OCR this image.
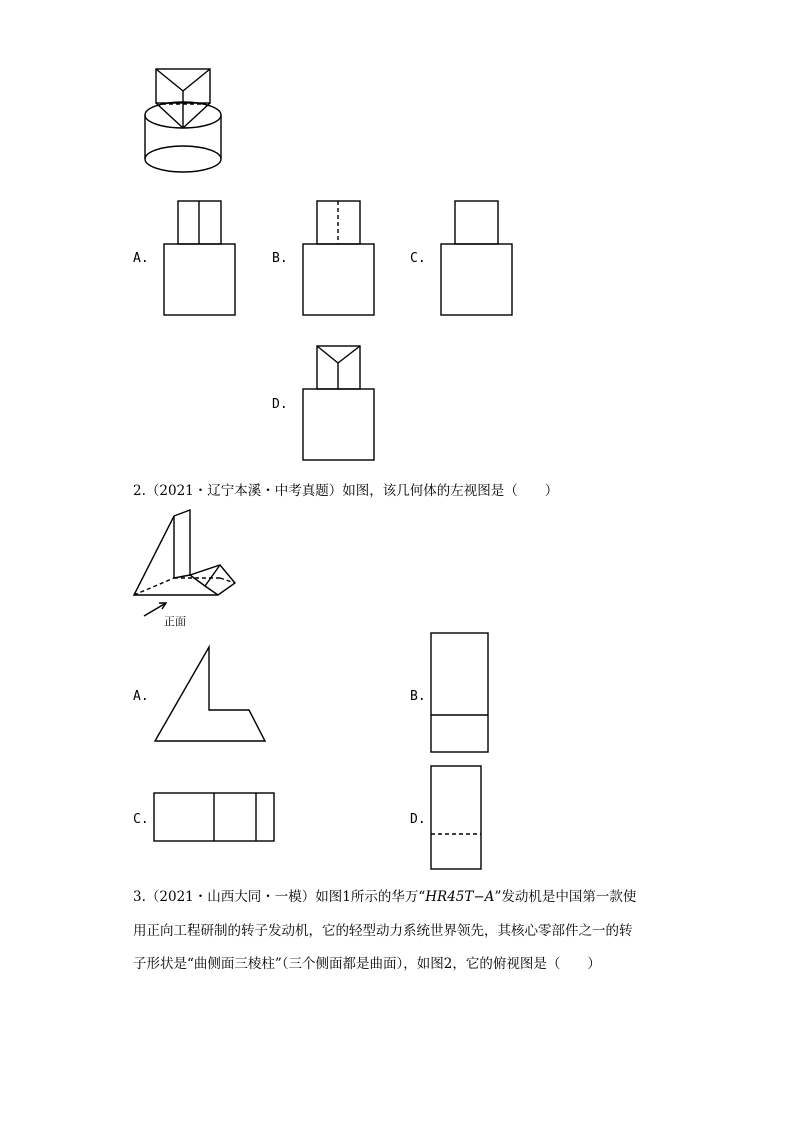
A.	B.	C.
D.
2.（2021・辽宁本溪・中考真题）如图，该几何体的左视图是（　　）
正面
A.	B.
C.	D.
3.（2021・山西大同・一模）如图1所示的华万“HR45T−A”发动机是中国第一款使
用正向工程研制的转子发动机，它的轻型动力系统世界领先，其核心零部件之一的转
子形状是“曲侧面三棱柱”（三个侧面都是曲面），如图2，它的俯视图是（　　）
